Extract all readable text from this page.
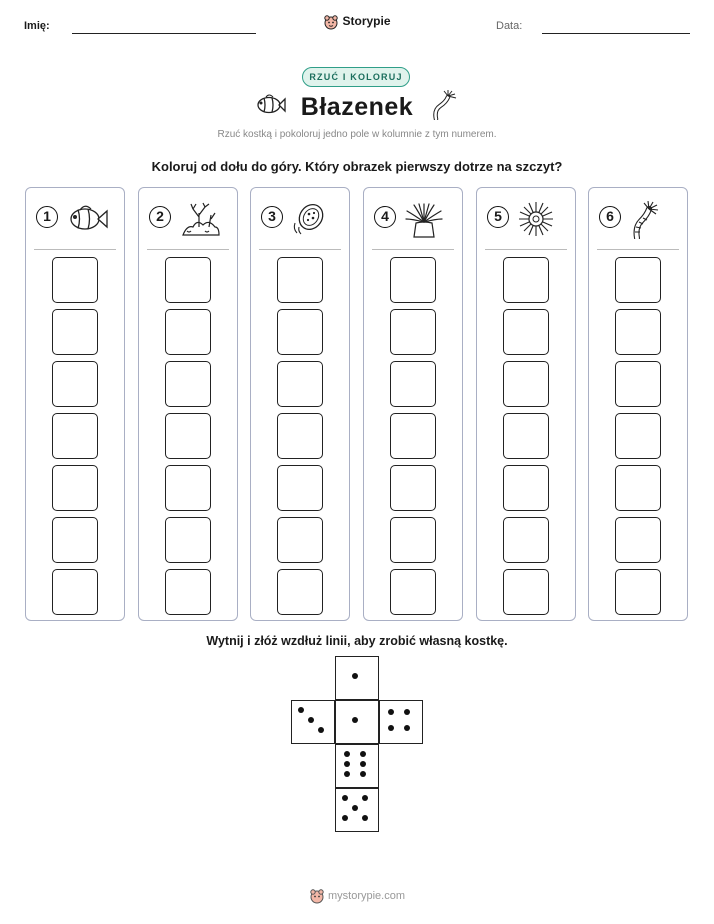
Imię:	Storypie	Data:
RZUĆ I KOLORUJ
Błazenek
Rzuć kostką i pokoloruj jedno pole w kolumnie z tym numerem.
Koloruj od dołu do góry. Który obrazek pierwszy dotrze na szczyt?
1	2	3	4	5	6
Wytnij i złóż wzdłuż linii, aby zrobić własną kostkę.
mystorypie.com
